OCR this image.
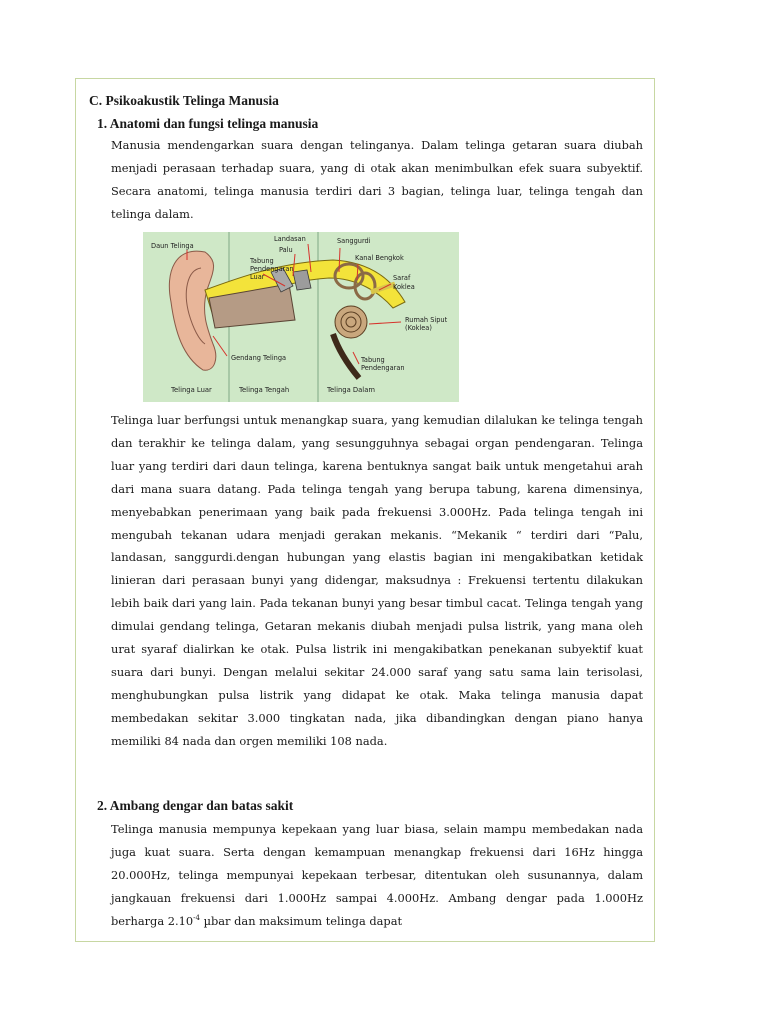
C. Psikoakustik Telinga Manusia
1. Anatomi dan fungsi telinga manusia

Manusia mendengarkan suara dengan telinganya. Dalam telinga getaran suara diubah menjadi perasaan terhadap suara, yang di otak akan menimbulkan efek suara subyektif. Secara anatomi, telinga manusia terdiri dari 3 bagian, telinga luar, telinga tengah dan telinga dalam.

Daun Telinga
Landasan
Palu
Tabung
Pendengaran
Luar
Sanggurdi
Kanal Bengkok
Saraf
Koklea
Rumah Siput
(Koklea)
Gendang Telinga	Tabung
Pendengaran
Telinga Luar	Telinga Tengah	Telinga Dalam

Telinga luar berfungsi untuk menangkap suara, yang kemudian dilalukan ke telinga tengah dan terakhir ke telinga dalam, yang sesungguhnya sebagai organ pendengaran. Telinga luar yang terdiri dari daun telinga, karena bentuknya sangat baik untuk mengetahui arah dari mana suara datang. Pada telinga tengah yang berupa tabung, karena dimensinya, menyebabkan penerimaan yang baik pada frekuensi 3.000Hz. Pada telinga tengah ini mengubah tekanan udara menjadi gerakan mekanis. “Mekanik “ terdiri dari “Palu, landasan, sanggurdi.dengan hubungan yang elastis bagian ini mengakibatkan ketidak linieran dari perasaan bunyi yang didengar, maksudnya : Frekuensi tertentu dilakukan lebih baik dari yang lain. Pada tekanan bunyi yang besar timbul cacat. Telinga tengah yang dimulai gendang telinga, Getaran mekanis diubah menjadi pulsa listrik, yang mana oleh urat syaraf dialirkan ke otak. Pulsa listrik ini mengakibatkan penekanan subyektif kuat suara dari bunyi. Dengan melalui sekitar 24.000 saraf yang satu sama lain terisolasi, menghubungkan pulsa listrik yang didapat ke otak. Maka telinga manusia dapat membedakan sekitar 3.000 tingkatan nada, jika dibandingkan dengan piano hanya memiliki 84 nada dan orgen memiliki 108 nada.

2. Ambang dengar dan batas sakit

Telinga manusia mempunya kepekaan yang luar biasa, selain mampu membedakan nada juga kuat suara. Serta dengan kemampuan menangkap frekuensi dari 16Hz hingga 20.000Hz, telinga mempunyai kepekaan terbesar, ditentukan oleh susunannya, dalam jangkauan frekuensi dari 1.000Hz sampai 4.000Hz. Ambang dengar pada 1.000Hz berharga $2.10^{-4}$ µbar dan maksimum telinga dapat
